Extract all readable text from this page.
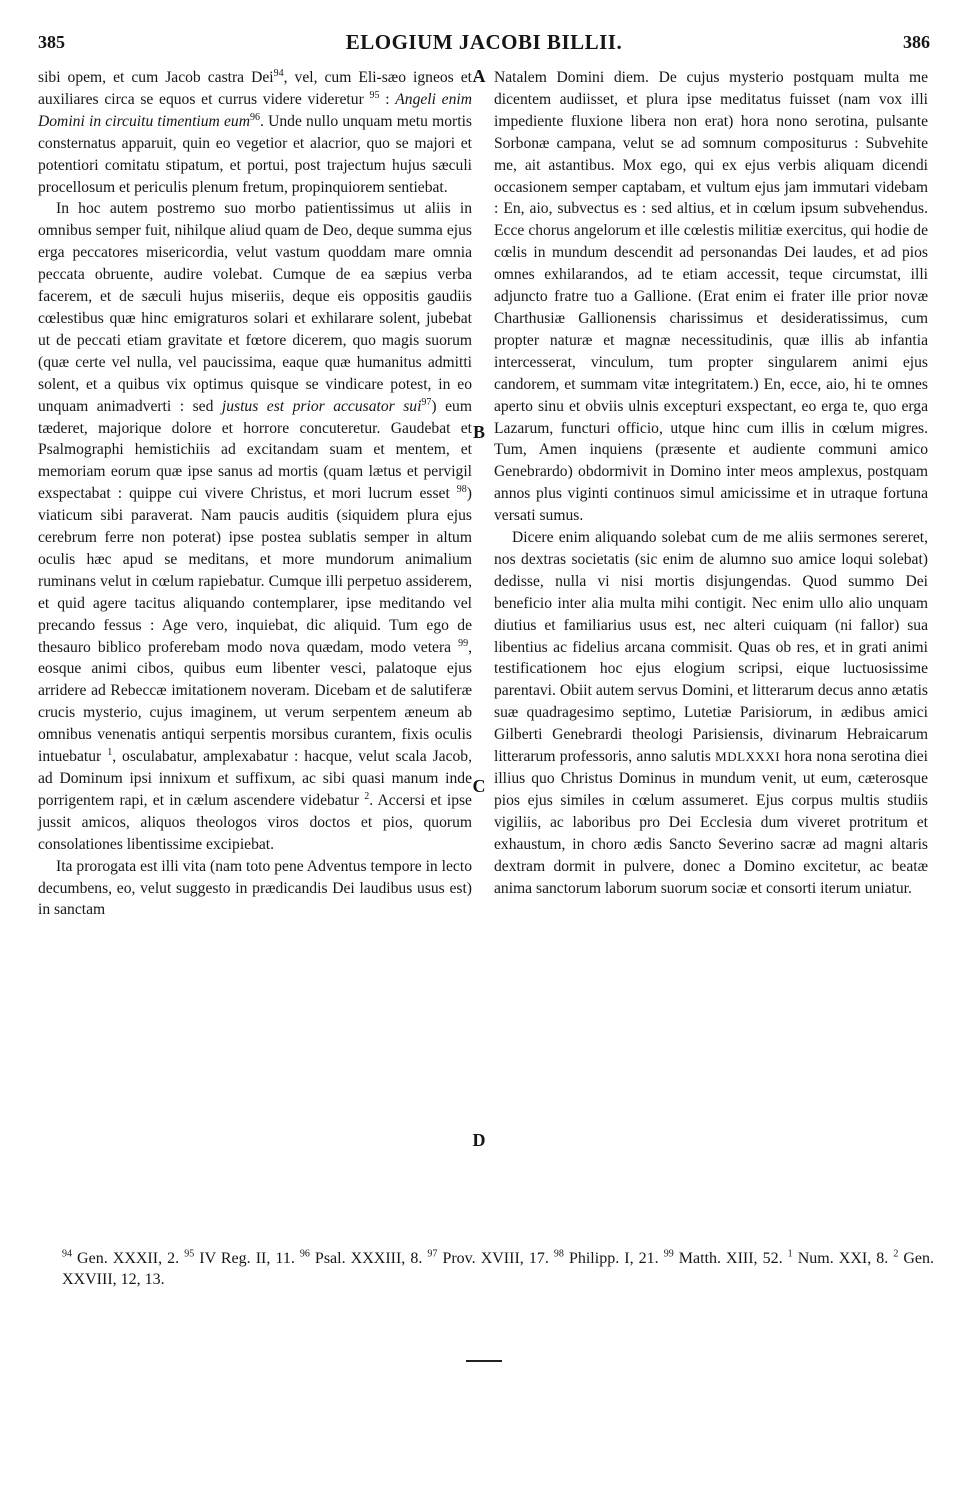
385	ELOGIUM JACOBI BILLII.	386

sibi opem, et cum Jacob castra Dei$^{94}$, vel, cum Eli-sæo igneos et auxiliares circa se equos et currus videre videretur $^{95}$ : Angeli enim Domini in circuitu timentium eum$^{96}$. Unde nullo unquam metu mortis consternatus apparuit, quin eo vegetior et alacrior, quo se majori et potentiori comitatu stipatum, et portui, post trajectum hujus sæculi procellosum et periculis plenum fretum, propinquiorem sentiebat.

In hoc autem postremo suo morbo patientissimus ut aliis in omnibus semper fuit, nihilque aliud quam de Deo, deque summa ejus erga peccatores misericordia, velut vastum quoddam mare omnia peccata obruente, audire volebat. Cumque de ea sæpius verba facerem, et de sæculi hujus miseriis, deque eis oppositis gaudiis cœlestibus quæ hinc emigraturos solari et exhilarare solent, jubebat ut de peccati etiam gravitate et fœtore dicerem, quo magis suorum (quæ certe vel nulla, vel paucissima, eaque quæ humanitus admitti solent, et a quibus vix optimus quisque se vindicare potest, in eo unquam animadverti : sed justus est prior accusator sui$^{97}$) eum tæderet, majorique dolore et horrore concuteretur. Gaudebat et Psalmographi hemistichiis ad excitandam suam et mentem, et memoriam eorum quæ ipse sanus ad mortis (quam lætus et pervigil exspectabat : quippe cui vivere Christus, et mori lucrum esset $^{98}$) viaticum sibi paraverat. Nam paucis auditis (siquidem plura ejus cerebrum ferre non poterat) ipse postea sublatis semper in altum oculis hæc apud se meditans, et more mundorum animalium ruminans velut in cœlum rapiebatur. Cumque illi perpetuo assiderem, et quid agere tacitus aliquando contemplarer, ipse meditando vel precando fessus : Age vero, inquiebat, dic aliquid. Tum ego de thesauro biblico proferebam modo nova quædam, modo vetera $^{99}$, eosque animi cibos, quibus eum libenter vesci, palatoque ejus arridere ad Rebeccæ imitationem noveram. Dicebam et de salutiferæ crucis mysterio, cujus imaginem, ut verum serpentem æneum ab omnibus venenatis antiqui serpentis morsibus curantem, fixis oculis intuebatur $^1$, osculabatur, amplexabatur : hacque, velut scala Jacob, ad Dominum ipsi innixum et suffixum, ac sibi quasi manum inde porrigentem rapi, et in cælum ascendere videbatur $^2$. Accersi et ipse jussit amicos, aliquos theologos viros doctos et pios, quorum consolationes libentissime excipiebat.

Ita prorogata est illi vita (nam toto pene Adventus tempore in lecto decumbens, eo, velut suggesto in prædicandis Dei laudibus usus est) in sanctam

A
B
C
D

Natalem Domini diem. De cujus mysterio postquam multa me dicentem audiisset, et plura ipse meditatus fuisset (nam vox illi impediente fluxione libera non erat) hora nono serotina, pulsante Sorbonæ campana, velut se ad somnum compositurus : Subvehite me, ait astantibus. Mox ego, qui ex ejus verbis aliquam dicendi occasionem semper captabam, et vultum ejus jam immutari videbam : En, aio, subvectus es : sed altius, et in cœlum ipsum subvehendus. Ecce chorus angelorum et ille cœlestis militiæ exercitus, qui hodie de cœlis in mundum descendit ad personandas Dei laudes, et ad pios omnes exhilarandos, ad te etiam accessit, teque circumstat, illi adjuncto fratre tuo a Gallione. (Erat enim ei frater ille prior novæ Charthusiæ Gallionensis charissimus et desideratissimus, cum propter naturæ et magnæ necessitudinis, quæ illis ab infantia intercesserat, vinculum, tum propter singularem animi ejus candorem, et summam vitæ integritatem.) En, ecce, aio, hi te omnes aperto sinu et obviis ulnis excepturi exspectant, eo erga te, quo erga Lazarum, functuri officio, utque hinc cum illis in cœlum migres. Tum, Amen inquiens (præsente et audiente communi amico Genebrardo) obdormivit in Domino inter meos amplexus, postquam annos plus viginti continuos simul amicissime et in utraque fortuna versati sumus.

Dicere enim aliquando solebat cum de me aliis sermones sereret, nos dextras societatis (sic enim de alumno suo amice loqui solebat) dedisse, nulla vi nisi mortis disjungendas. Quod summo Dei beneficio inter alia multa mihi contigit. Nec enim ullo alio unquam diutius et familiarius usus est, nec alteri cuiquam (ni fallor) sua libentius ac fidelius arcana commisit. Quas ob res, et in grati animi testificationem hoc ejus elogium scripsi, eique luctuosissime parentavi. Obiit autem servus Domini, et litterarum decus anno ætatis suæ quadragesimo septimo, Lutetiæ Parisiorum, in ædibus amici Gilberti Genebrardi theologi Parisiensis, divinarum Hebraicarum litterarum professoris, anno salutis MDLXXXI hora nona serotina diei illius quo Christus Dominus in mundum venit, ut eum, cæterosque pios ejus similes in cœlum assumeret. Ejus corpus multis studiis vigiliis, ac laboribus pro Dei Ecclesia dum viveret protritum et exhaustum, in choro ædis Sancto Severino sacræ ad magni altaris dextram dormit in pulvere, donec a Domino excitetur, ac beatæ anima sanctorum laborum suorum sociæ et consorti iterum uniatur.

$^{94}$ Gen. XXXII, 2. $^{95}$ IV Reg. II, 11. $^{96}$ Psal. XXXIII, 8. $^{97}$ Prov. XVIII, 17. $^{98}$ Philipp. I, 21. $^{99}$ Matth. XIII, 52. $^1$ Num. XXI, 8. $^2$ Gen. XXVIII, 12, 13.
